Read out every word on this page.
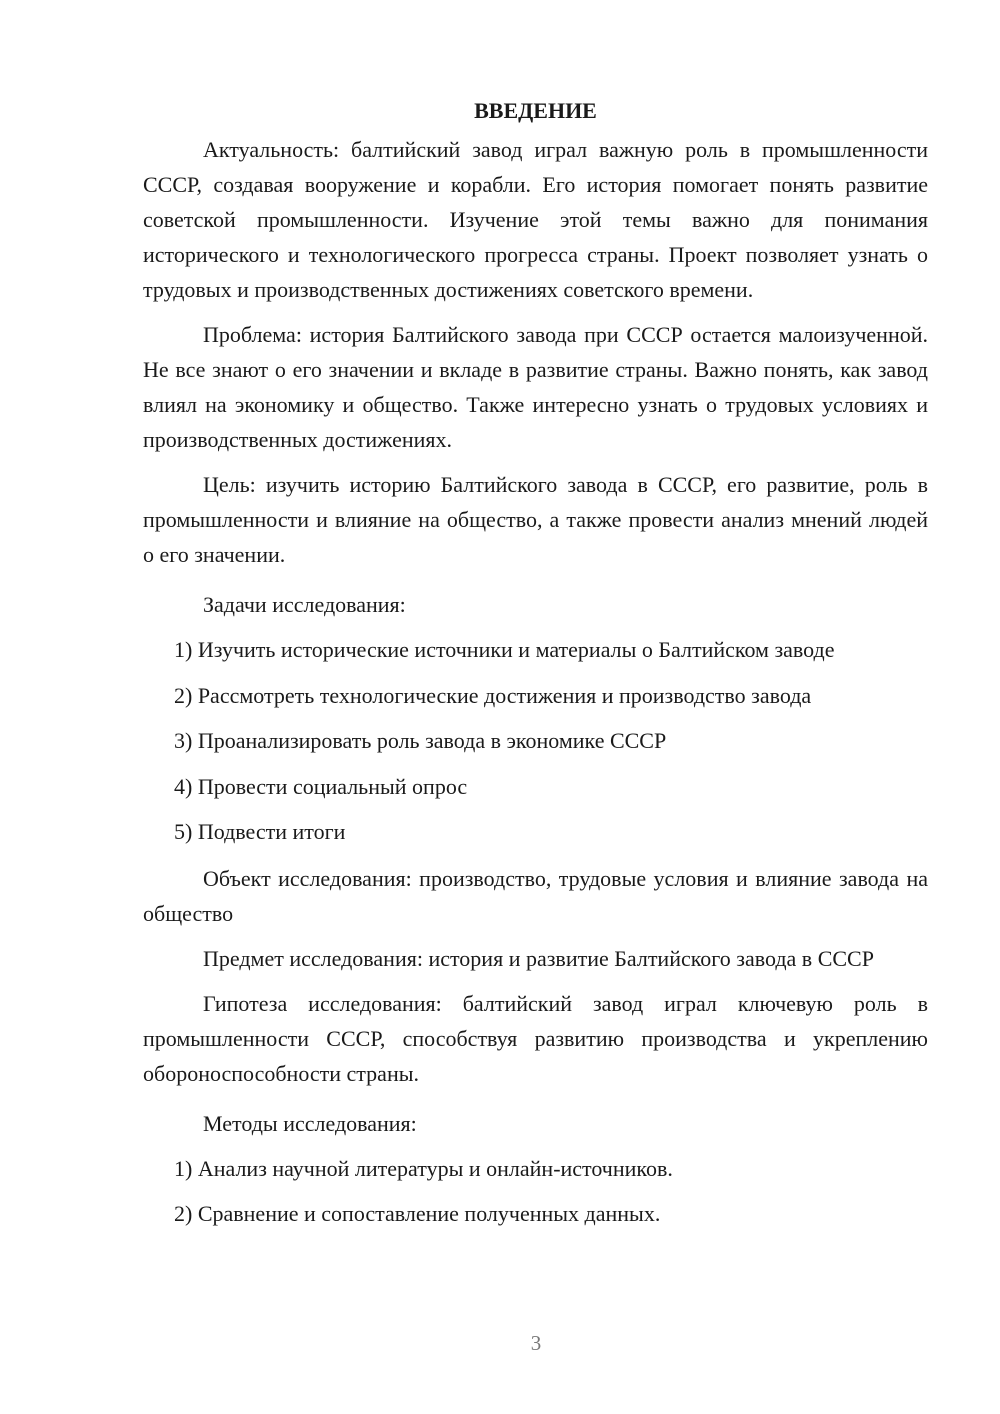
ВВЕДЕНИЕ

Актуальность: балтийский завод играл важную роль в промышленности СССР, создавая вооружение и корабли. Его история помогает понять развитие советской промышленности. Изучение этой темы важно для понимания исторического и технологического прогресса страны. Проект позволяет узнать о трудовых и производственных достижениях советского времени.

Проблема: история Балтийского завода при СССР остается малоизученной. Не все знают о его значении и вкладе в развитие страны. Важно понять, как завод влиял на экономику и общество. Также интересно узнать о трудовых условиях и производственных достижениях.

Цель: изучить историю Балтийского завода в СССР, его развитие, роль в промышленности и влияние на общество, а также провести анализ мнений людей о его значении.

Задачи исследования:
1) Изучить исторические источники и материалы о Балтийском заводе
2) Рассмотреть технологические достижения и производство завода
3) Проанализировать роль завода в экономике СССР
4) Провести социальный опрос
5) Подвести итоги

Объект исследования: производство, трудовые условия и влияние завода на общество

Предмет исследования: история и развитие Балтийского завода в СССР

Гипотеза исследования: балтийский завод играл ключевую роль в промышленности СССР, способствуя развитию производства и укреплению обороноспособности страны.

Методы исследования:
1) Анализ научной литературы и онлайн-источников.
2) Сравнение и сопоставление полученных данных.
3
